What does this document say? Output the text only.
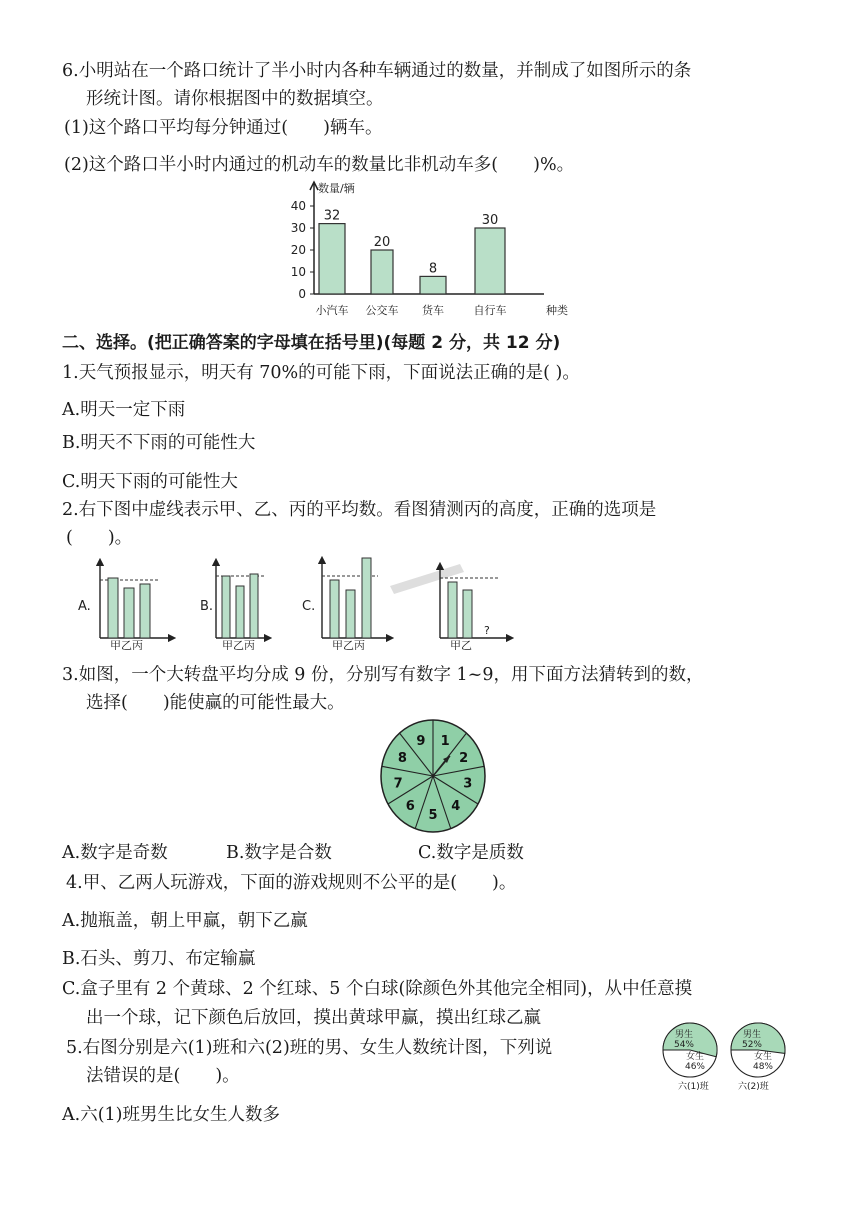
6.小明站在一个路口统计了半小时内各种车辆通过的数量，并制成了如图所示的条
形统计图。请你根据图中的数据填空。
(1)这个路口平均每分钟通过(　　)辆车。
(2)这个路口半小时内通过的机动车的数量比非机动车多(　　)%。
数量/辆
种类
0
10
20
30
40
32
小汽车
20
公交车
8
货车
30
自行车
二、选择。(把正确答案的字母填在括号里)(每题 2 分，共 12 分)
1.天气预报显示，明天有 70%的可能下雨，下面说法正确的是( )。
A.明天一定下雨
B.明天不下雨的可能性大
C.明天下雨的可能性大
2.右下图中虚线表示甲、乙、丙的平均数。看图猜测丙的高度，正确的选项是
(　　)。
A.
甲乙丙
B.
甲乙丙
C.
甲乙丙
?
甲乙
3.如图，一个大转盘平均分成 9 份，分别写有数字 1~9，用下面方法猜转到的数，
选择(　　)能使赢的可能性最大。
1
2
3
4
5
6
7
8
9
A.数字是奇数	B.数字是合数	C.数字是质数
4.甲、乙两人玩游戏，下面的游戏规则不公平的是(　　)。
A.抛瓶盖，朝上甲赢，朝下乙赢
B.石头、剪刀、布定输赢
C.盒子里有 2 个黄球、2 个红球、5 个白球(除颜色外其他完全相同)，从中任意摸
出一个球，记下颜色后放回，摸出黄球甲赢，摸出红球乙赢
5.右图分别是六(1)班和六(2)班的男、女生人数统计图，下列说
法错误的是(　　)。
男生
54%
女生
46%
男生
52%
女生
48%
六(1)班	六(2)班
A.六(1)班男生比女生人数多
